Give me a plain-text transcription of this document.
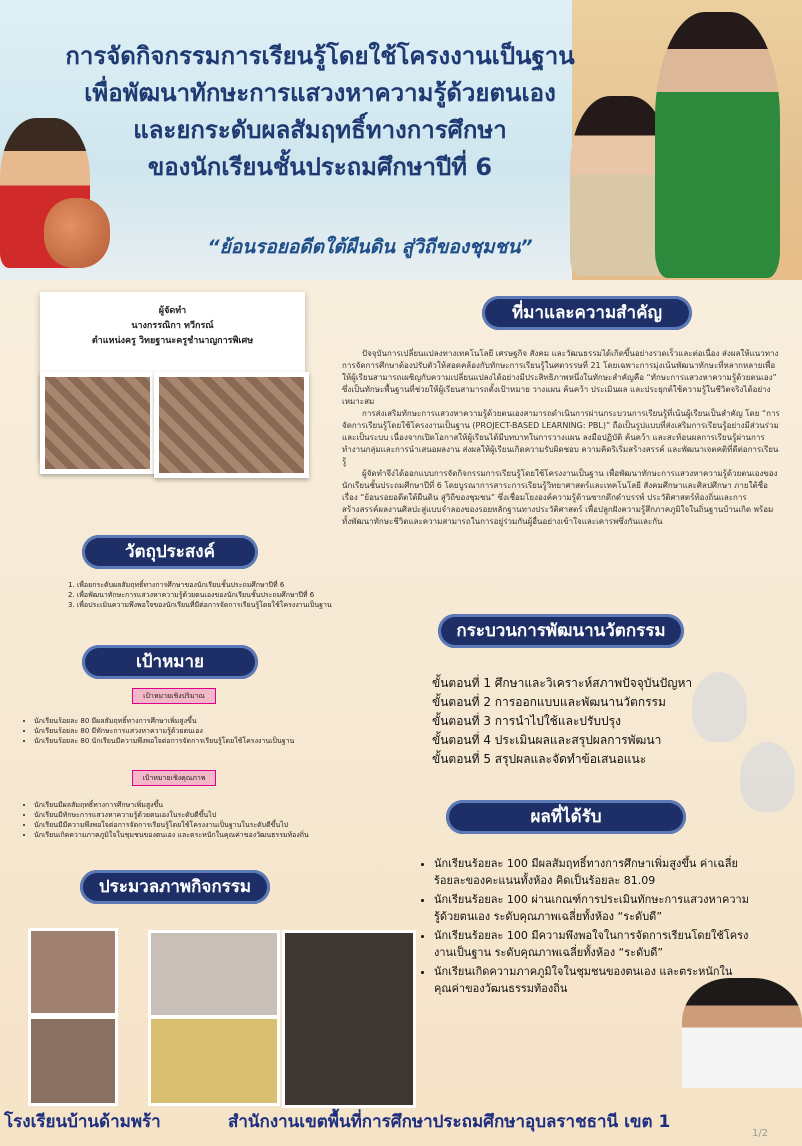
การจัดกิจกรรมการเรียนรู้โดยใช้โครงงานเป็นฐาน
เพื่อพัฒนาทักษะการแสวงหาความรู้ด้วยตนเอง
และยกระดับผลสัมฤทธิ์ทางการศึกษา
ของนักเรียนชั้นประถมศึกษาปีที่ 6
“ย้อนรอยอดีตใต้ผืนดิน สู่วิถีของชุมชน”

ผู้จัดทำ

นางกรรณิกา ทวีกรณ์

ตำแหน่งครู วิทยฐานะครูชำนาญการพิเศษ

ที่มาและความสำคัญ

ปัจจุบันการเปลี่ยนแปลงทางเทคโนโลยี เศรษฐกิจ สังคม และวัฒนธรรมได้เกิดขึ้นอย่างรวดเร็วและต่อเนื่อง ส่งผลให้แนวทางการจัดการศึกษาต้องปรับตัวให้สอดคล้องกับทักษะการเรียนรู้ในศตวรรษที่ 21 โดยเฉพาะการมุ่งเน้นพัฒนาทักษะที่หลากหลายเพื่อให้ผู้เรียนสามารถเผชิญกับความเปลี่ยนแปลงได้อย่างมีประสิทธิภาพหนึ่งในทักษะสำคัญคือ “ทักษะการแสวงหาความรู้ด้วยตนเอง” ซึ่งเป็นทักษะพื้นฐานที่ช่วยให้ผู้เรียนสามารถตั้งเป้าหมาย วางแผน ค้นคว้า ประเมินผล และประยุกต์ใช้ความรู้ในชีวิตจริงได้อย่างเหมาะสม

การส่งเสริมทักษะการแสวงหาความรู้ด้วยตนเองสามารถดำเนินการผ่านกระบวนการเรียนรู้ที่เน้นผู้เรียนเป็นสำคัญ โดย “การจัดการเรียนรู้โดยใช้โครงงานเป็นฐาน (PROJECT-BASED LEARNING: PBL)” ถือเป็นรูปแบบที่ส่งเสริมการเรียนรู้อย่างมีส่วนร่วมและเป็นระบบ เนื่องจากเปิดโอกาสให้ผู้เรียนได้มีบทบาทในการวางแผน ลงมือปฏิบัติ ค้นคว้า และสะท้อนผลการเรียนรู้ผ่านการทำงานกลุ่มและการนำเสนอผลงาน ส่งผลให้ผู้เรียนเกิดความรับผิดชอบ ความคิดริเริ่มสร้างสรรค์ และพัฒนาเจตคติที่ดีต่อการเรียนรู้

ผู้จัดทำจึงได้ออกแบบการจัดกิจกรรมการเรียนรู้โดยใช้โครงงานเป็นฐาน เพื่อพัฒนาทักษะการแสวงหาความรู้ด้วยตนเองของนักเรียนชั้นประถมศึกษาปีที่ 6 โดยบูรณาการสาระการเรียนรู้วิทยาศาสตร์และเทคโนโลยี สังคมศึกษาและศิลปศึกษา ภายใต้ชื่อเรื่อง “ย้อนรอยอดีตใต้ผืนดิน สู่วิถีของชุมชน” ซึ่งเชื่อมโยงองค์ความรู้ด้านซากดึกดำบรรพ์ ประวัติศาสตร์ท้องถิ่นและการสร้างสรรค์ผลงานศิลปะสู่แบบจำลองของรอยหลักฐานทางประวัติศาสตร์ เพื่อปลูกฝังความรู้สึกภาคภูมิใจในถิ่นฐานบ้านเกิด พร้อมทั้งพัฒนาทักษะชีวิตและความสามารถในการอยู่ร่วมกันผู้อื่นอย่างเข้าใจและเคารพซึ่งกันและกัน

วัตถุประสงค์
1. เพื่อยกระดับผลสัมฤทธิ์ทางการศึกษาของนักเรียนชั้นประถมศึกษาปีที่ 6
2. เพื่อพัฒนาทักษะการแสวงหาความรู้ด้วยตนเองของนักเรียนชั้นประถมศึกษาปีที่ 6
3. เพื่อประเมินความพึงพอใจของนักเรียนที่มีต่อการจัดการเรียนรู้โดยใช้โครงงานเป็นฐาน
เป้าหมาย
เป้าหมายเชิงปริมาณ
• นักเรียนร้อยละ 80 มีผลสัมฤทธิ์ทางการศึกษาเพิ่มสูงขึ้น
• นักเรียนร้อยละ 80 มีทักษะการแสวงหาความรู้ด้วยตนเอง
• นักเรียนร้อยละ 80 นักเรียนมีความพึงพอใจต่อการจัดการเรียนรู้โดยใช้โครงงานเป็นฐาน
เป้าหมายเชิงคุณภาพ
• นักเรียนมีผลสัมฤทธิ์ทางการศึกษาเพิ่มสูงขึ้น
• นักเรียนมีทักษะการแสวงหาความรู้ด้วยตนเองในระดับดีขึ้นไป
• นักเรียนมีมีความพึงพอใจต่อการจัดการเรียนรู้โดยใช้โครงงานเป็นฐานในระดับดีขึ้นไป
• นักเรียนเกิดความภาคภูมิใจในชุมชนของตนเอง และตระหนักในคุณค่าของวัฒนธรรมท้องถิ่น
กระบวนการพัฒนานวัตกรรม
ขั้นตอนที่ 1 ศึกษาและวิเคราะห์สภาพปัจจุบันปัญหา
ขั้นตอนที่ 2 การออกแบบและพัฒนานวัตกรรม
ขั้นตอนที่ 3 การนำไปใช้และปรับปรุง
ขั้นตอนที่ 4 ประเมินผลและสรุปผลการพัฒนา
ขั้นตอนที่ 5 สรุปผลและจัดทำข้อเสนอแนะ
ผลที่ได้รับ
• นักเรียนร้อยละ 100 มีผลสัมฤทธิ์ทางการศึกษาเพิ่มสูงขึ้น ค่าเฉลี่ยร้อยละของคะแนนทั้งห้อง คิดเป็นร้อยละ 81.09
• นักเรียนร้อยละ 100 ผ่านเกณฑ์การประเมินทักษะการแสวงหาความรู้ด้วยตนเอง ระดับคุณภาพเฉลี่ยทั้งห้อง “ระดับดี”
• นักเรียนร้อยละ 100 มีความพึงพอใจในการจัดการเรียนโดยใช้โครงงานเป็นฐาน ระดับคุณภาพเฉลี่ยทั้งห้อง “ระดับดี”
• นักเรียนเกิดความภาคภูมิใจในชุมชนของตนเอง และตระหนักในคุณค่าของวัฒนธรรมท้องถิ่น
ประมวลภาพกิจกรรม
โรงเรียนบ้านด้ามพร้า	สำนักงานเขตพื้นที่การศึกษาประถมศึกษาอุบลราชธานี เขต 1
1/2
